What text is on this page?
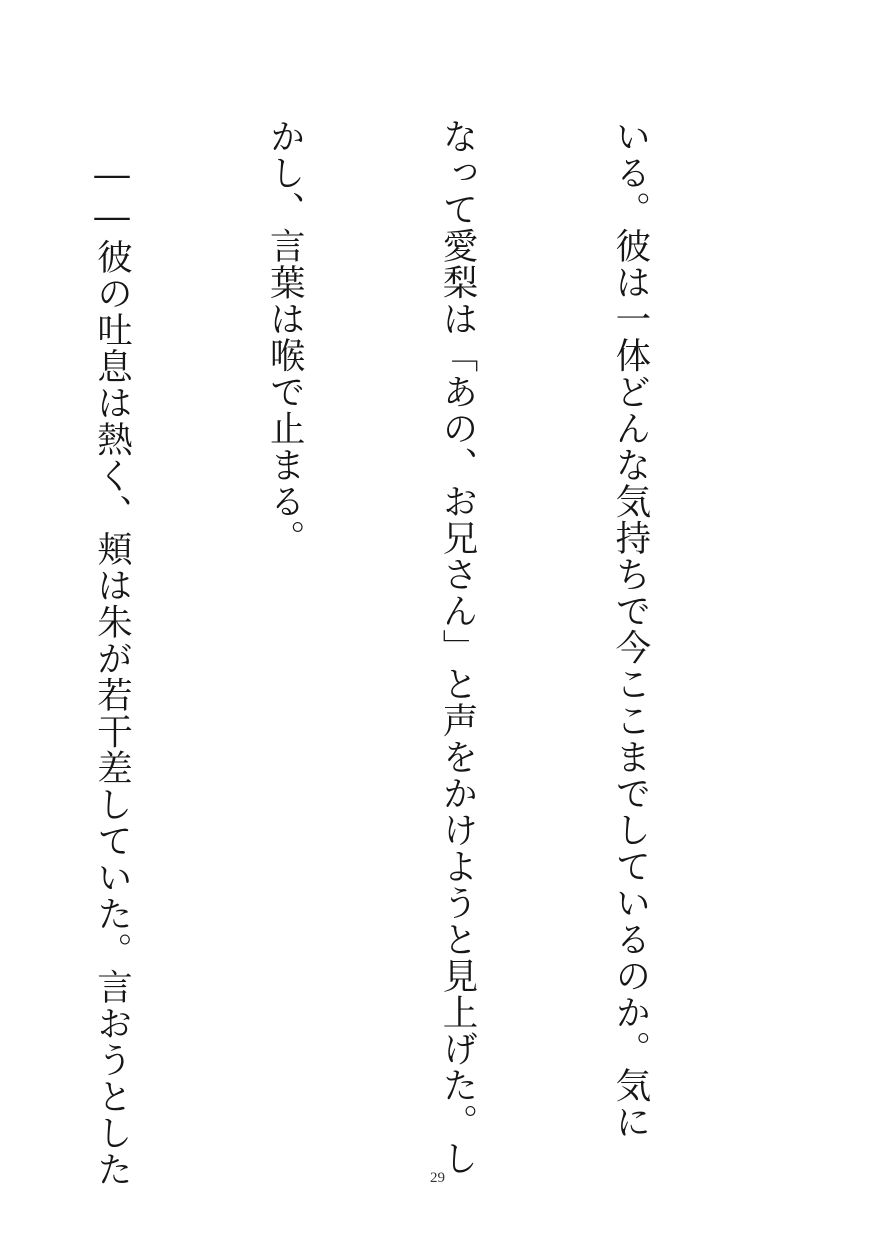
いる。彼は一体どんな気持ちで今ここまでしているのか。気に

なって愛梨は「あの、お兄さん」と声をかけようと見上げた。し

かし、言葉は喉で止まる。

　――彼の吐息は熱く、頬は朱が若干差していた。言おうとした

	29
